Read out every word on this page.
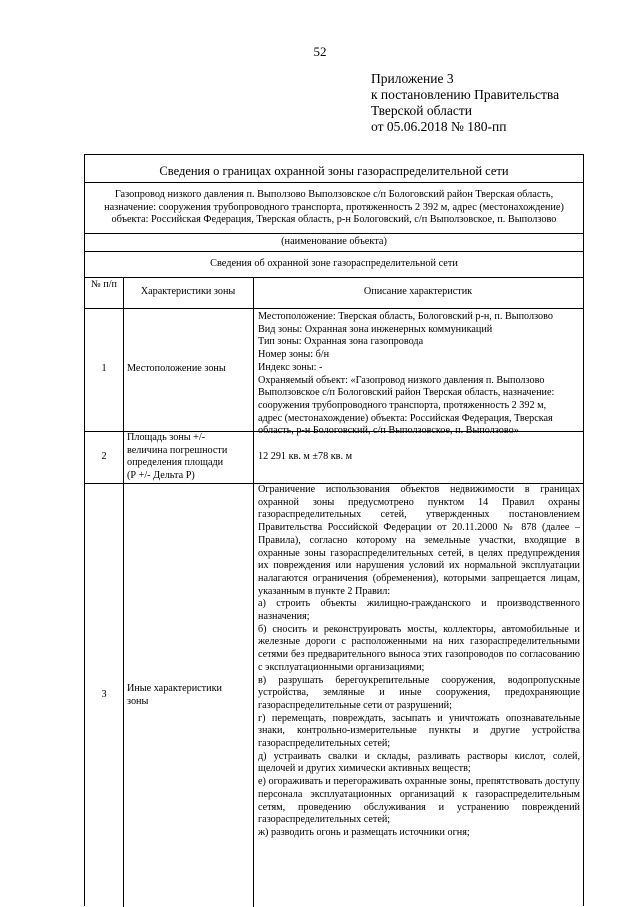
52
Приложение 3
к постановлению Правительства
Тверской области
от 05.06.2018 № 180-пп
Сведения о границах охранной зоны газораспределительной сети
Газопровод низкого давления п. Выползово Выползовское с/п Бологовский район Тверская область,
назначение: сооружения трубопроводного транспорта, протяженность 2 392 м, адрес (местонахождение)
объекта: Российская Федерация, Тверская область, р-н Бологовский, с/п Выползовское, п. Выползово
(наименование объекта)
Сведения об охранной зоне газораспределительной сети
№ п/п
Характеристики зоны	Описание характеристик
1	Местоположение зоны
Местоположение: Тверская область, Бологовский р-н, п. Выползово
Вид зоны: Охранная зона инженерных коммуникаций
Тип зоны: Охранная зона газопровода
Номер зоны: б/н
Индекс зоны: -
Охраняемый объект: «Газопровод низкого давления п. Выползово
Выползовское с/п Бологовский район Тверская область, назначение:
сооружения трубопроводного транспорта, протяженность 2 392 м,
адрес (местонахождение) объекта: Российская Федерация, Тверская
область, р-н Бологовский, с/п Выползовское, п. Выползово»
2
Площадь зоны +/-
величина погрешности
определения площади
(Р +/- Дельта Р)
12 291 кв. м ±78 кв. м
3
Иные характеристики
зоны
Ограничение использования объектов недвижимости в границах охранной зоны предусмотрено пунктом 14 Правил охраны газораспределительных сетей, утвержденных постановлением Правительства Российской Федерации от 20.11.2000 № 878 (далее – Правила), согласно которому на земельные участки, входящие в охранные зоны газораспределительных сетей, в целях предупреждения их повреждения или нарушения условий их нормальной эксплуатации налагаются ограничения (обременения), которыми запрещается лицам, указанным в пункте 2 Правил:
а) строить объекты жилищно-гражданского и производственного назначения;
б) сносить и реконструировать мосты, коллекторы, автомобильные и железные дороги с расположенными на них газораспределительными сетями без предварительного выноса этих газопроводов по согласованию с эксплуатационными организациями;
в) разрушать берегоукрепительные сооружения, водопропускные устройства, земляные и иные сооружения, предохраняющие газораспределительные сети от разрушений;
г) перемещать, повреждать, засыпать и уничтожать опознавательные знаки, контрольно-измерительные пункты и другие устройства газораспределительных сетей;
д) устраивать свалки и склады, разливать растворы кислот, солей, щелочей и других химически активных веществ;
е) огораживать и перегораживать охранные зоны, препятствовать доступу персонала эксплуатационных организаций к газораспределительным сетям, проведению обслуживания и устранению повреждений газораспределительных сетей;
ж) разводить огонь и размещать источники огня;
